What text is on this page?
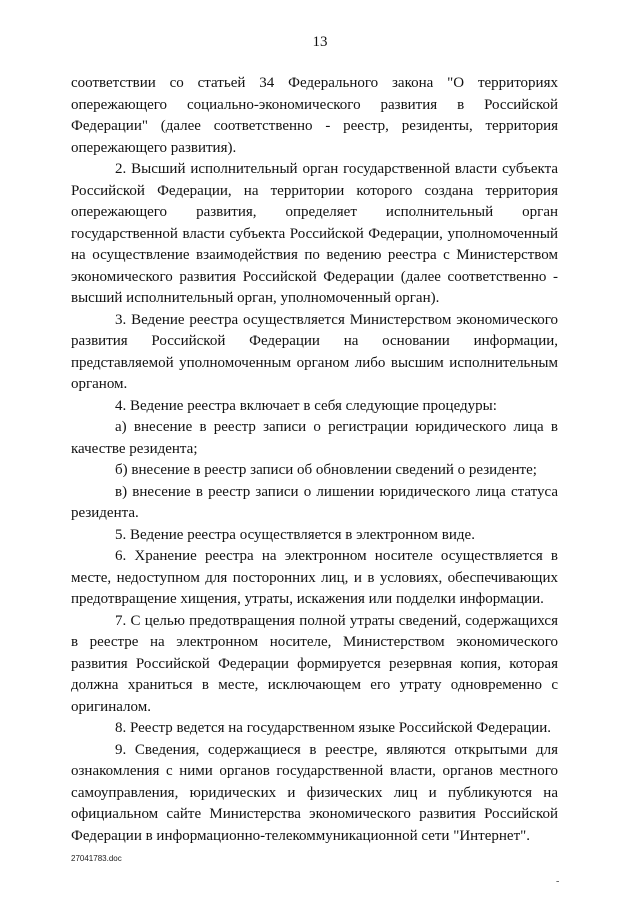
13

соответствии со статьей 34 Федерального закона "О территориях опережающего социально-экономического развития в Российской Федерации" (далее соответственно - реестр, резиденты, территория опережающего развития).

2. Высший исполнительный орган государственной власти субъекта Российской Федерации, на территории которого создана территория опережающего развития, определяет исполнительный орган государственной власти субъекта Российской Федерации, уполномоченный на осуществление взаимодействия по ведению реестра с Министерством экономического развития Российской Федерации (далее соответственно - высший исполнительный орган, уполномоченный орган).

3. Ведение реестра осуществляется Министерством экономического развития Российской Федерации на основании информации, представляемой уполномоченным органом либо высшим исполнительным органом.

4. Ведение реестра включает в себя следующие процедуры:

а) внесение в реестр записи о регистрации юридического лица в качестве резидента;

б) внесение в реестр записи об обновлении сведений о резиденте;

в) внесение в реестр записи о лишении юридического лица статуса резидента.

5. Ведение реестра осуществляется в электронном виде.

6. Хранение реестра на электронном носителе осуществляется в месте, недоступном для посторонних лиц, и в условиях, обеспечивающих предотвращение хищения, утраты, искажения или подделки информации.

7. С целью предотвращения полной утраты сведений, содержащихся в реестре на электронном носителе, Министерством экономического развития Российской Федерации формируется резервная копия, которая должна храниться в месте, исключающем его утрату одновременно с оригиналом.

8. Реестр ведется на государственном языке Российской Федерации.

9. Сведения, содержащиеся в реестре, являются открытыми для ознакомления с ними органов государственной власти, органов местного самоуправления, юридических и физических лиц и публикуются на официальном сайте Министерства экономического развития Российской Федерации в информационно-телекоммуникационной сети "Интернет".

27041783.doc
-
